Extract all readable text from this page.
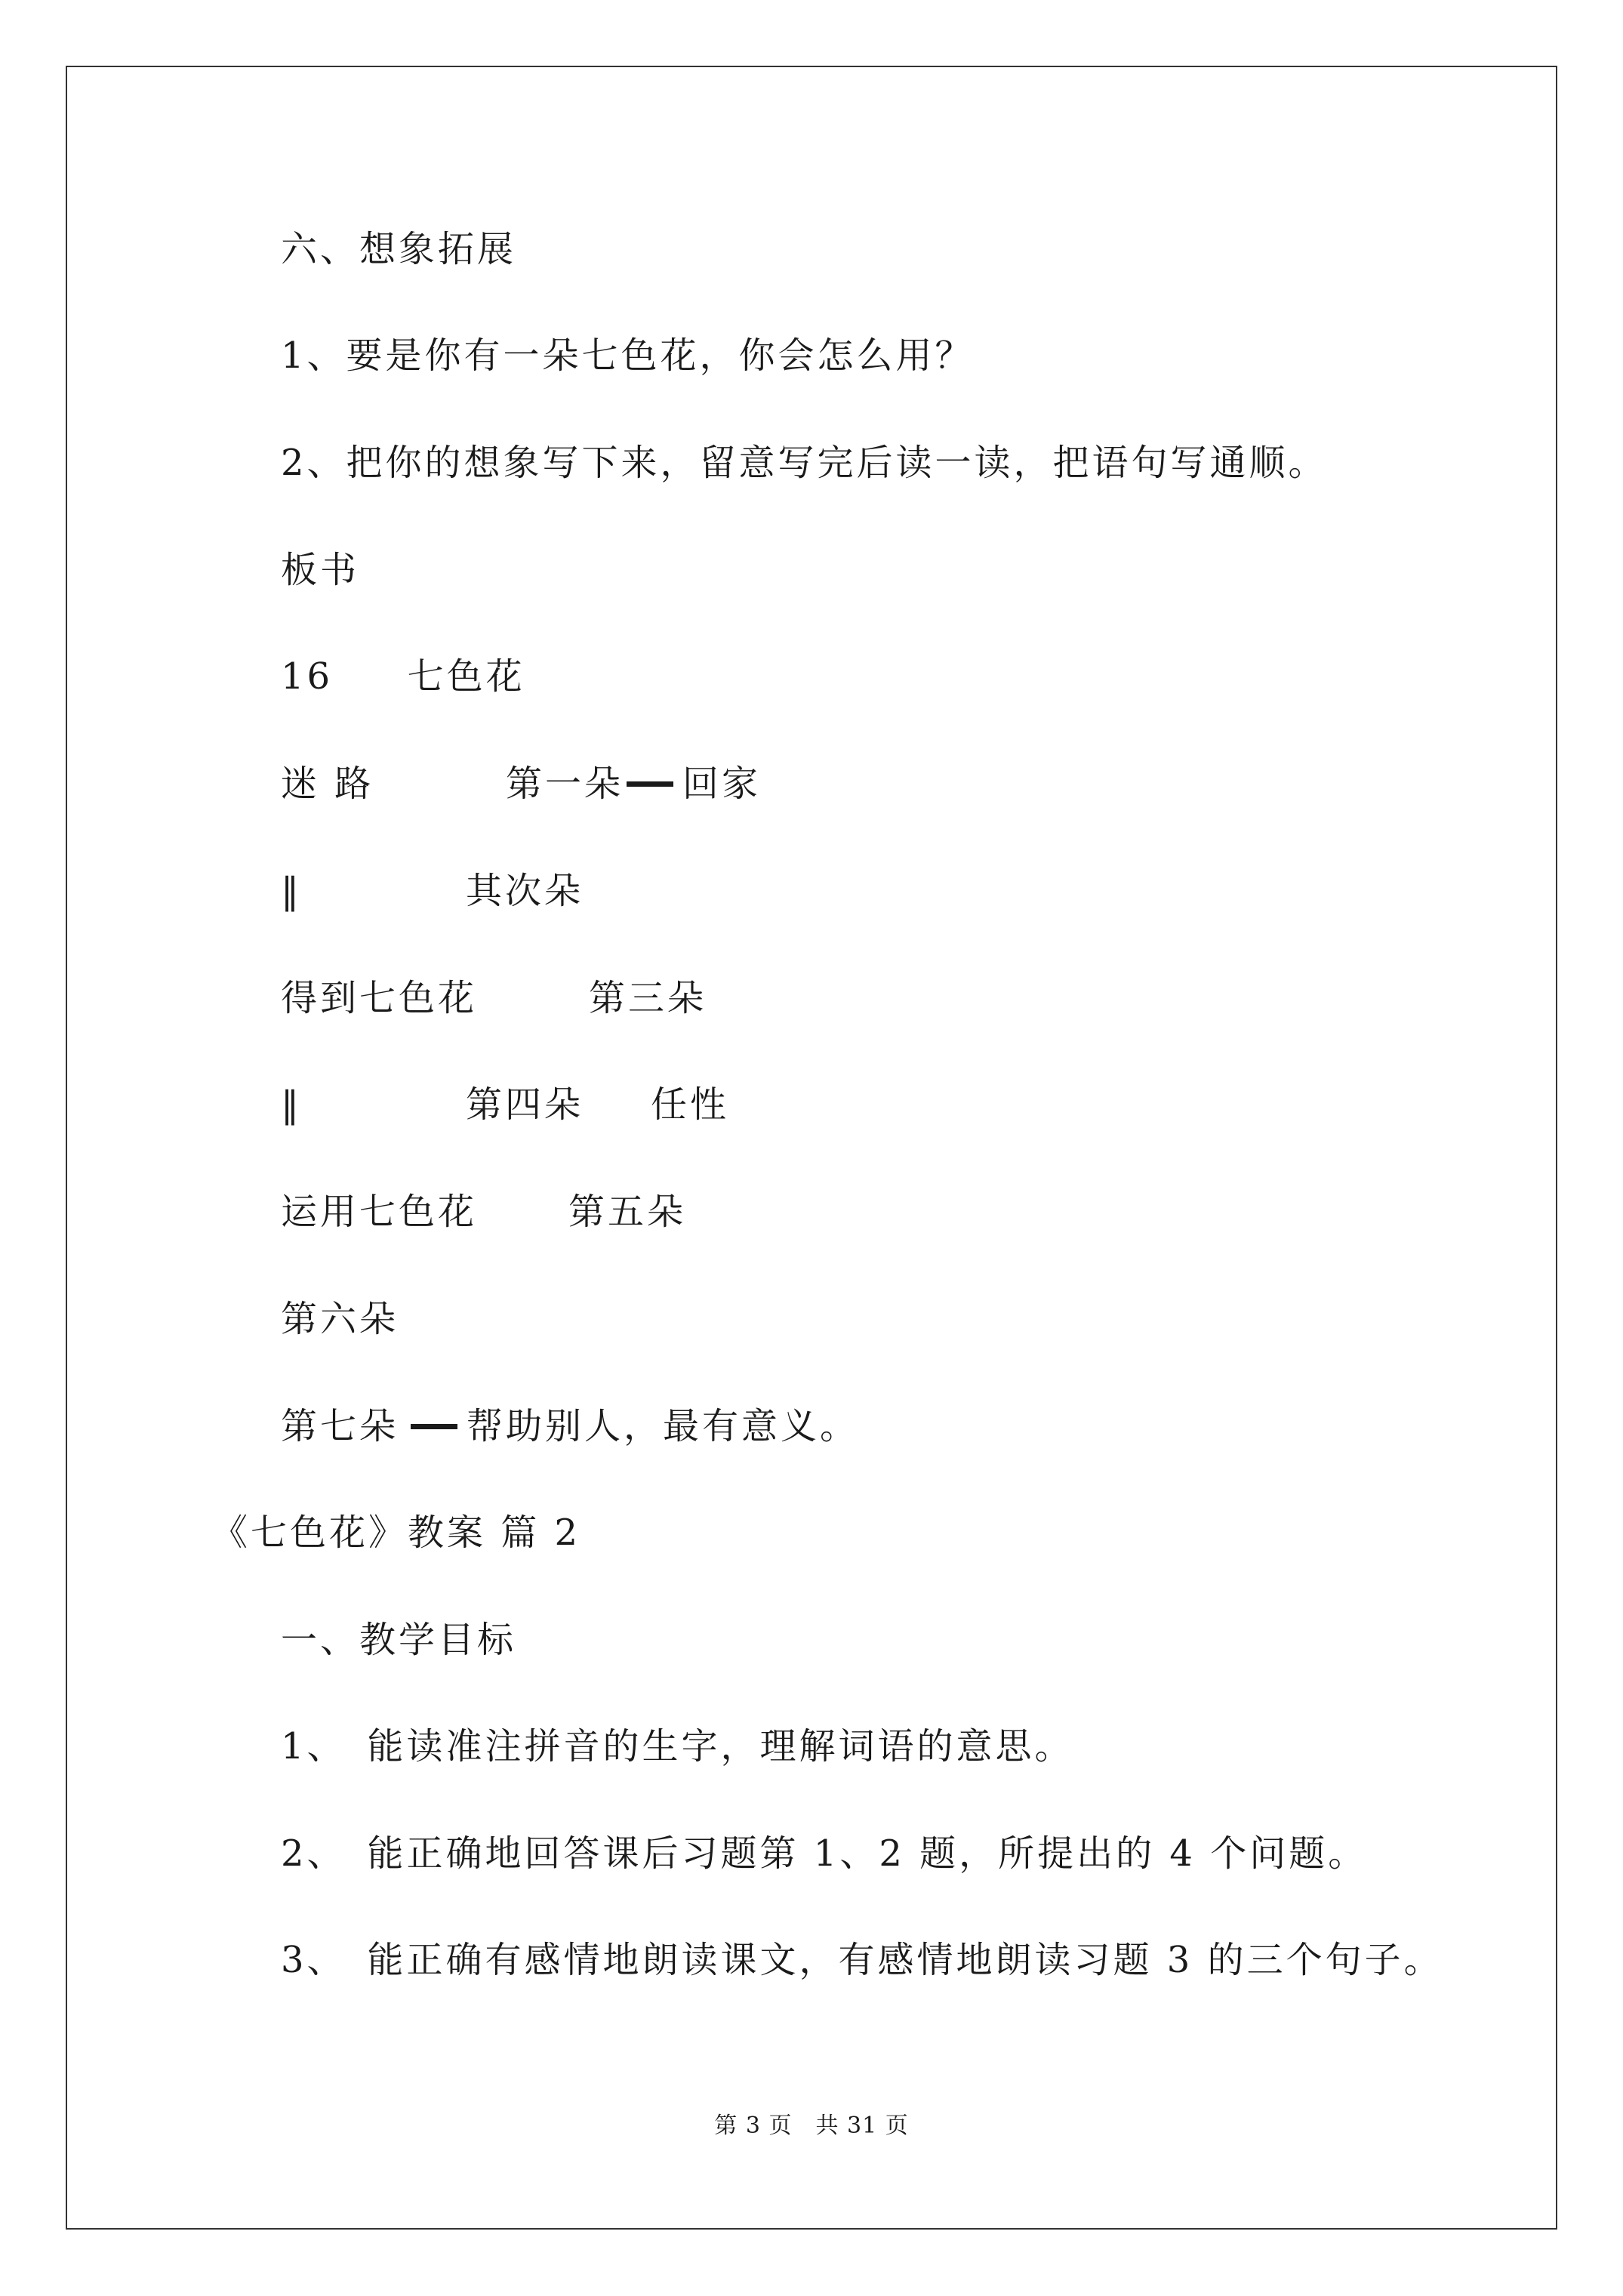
六、想象拓展
1、要是你有一朵七色花，你会怎么用？
2、把你的想象写下来，留意写完后读一读，把语句写通顺。
板书
16 七色花
迷 路	第一朵 回家
‖	其次朵
得到七色花	第三朵
‖	第四朵 任性
运用七色花	第五朵
第六朵
第七朵 帮助别人，最有意义。
《七色花》教案 篇 2
一、教学目标
1、 能读准注拼音的生字，理解词语的意思。
2、 能正确地回答课后习题第 1、2 题，所提出的 4 个问题。
3、 能正确有感情地朗读课文，有感情地朗读习题 3 的三个句子。
第 3 页　共 31 页
